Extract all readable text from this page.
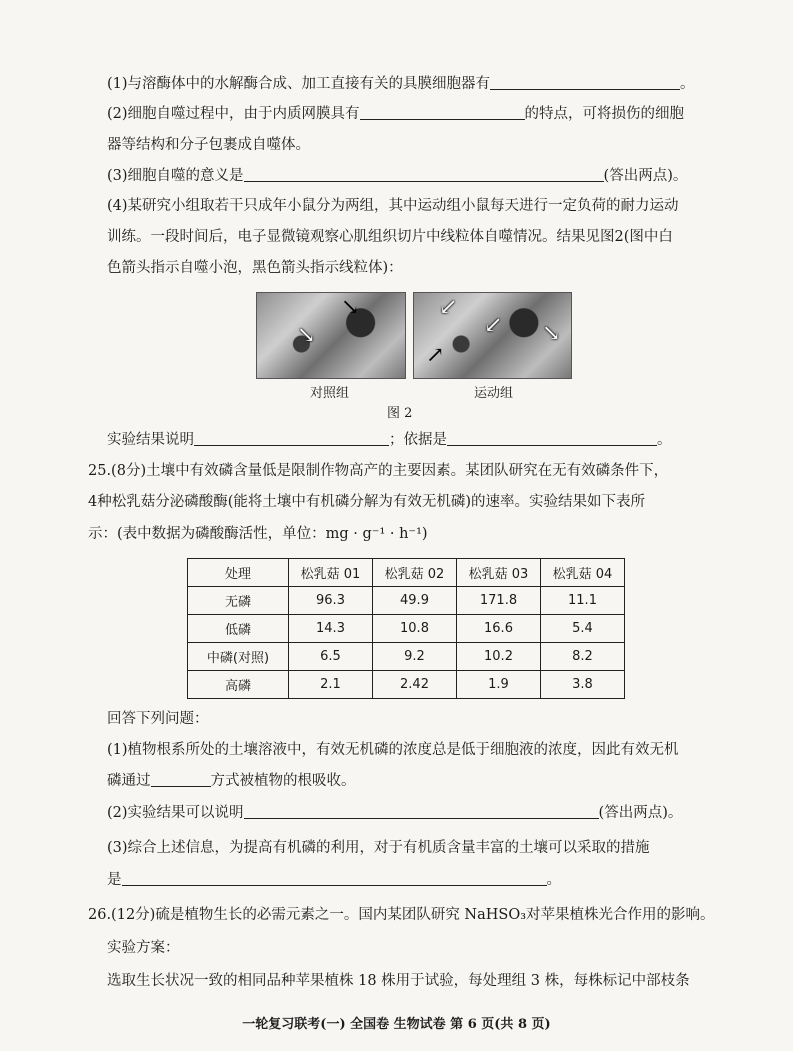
(1)与溶酶体中的水解酶合成、加工直接有关的具膜细胞器有	。
(2)细胞自噬过程中，由于内质网膜具有	的特点，可将损伤的细胞
器等结构和分子包裹成自噬体。
(3)细胞自噬的意义是	(答出两点)。
(4)某研究小组取若干只成年小鼠分为两组，其中运动组小鼠每天进行一定负荷的耐力运动
训练。一段时间后，电子显微镜观察心肌组织切片中线粒体自噬情况。结果见图2(图中白
色箭头指示自噬小泡，黑色箭头指示线粒体)：
↘
↘
↙
↙ ↘
↗
对照组	运动组
图 2
实验结果说明	；依据是	。
25.(8分)土壤中有效磷含量低是限制作物高产的主要因素。某团队研究在无有效磷条件下，
4种松乳菇分泌磷酸酶(能将土壤中有机磷分解为有效无机磷)的速率。实验结果如下表所
示：(表中数据为磷酸酶活性，单位：mg · g⁻¹ · h⁻¹)
处理	松乳菇 01	松乳菇 02	松乳菇 03	松乳菇 04
无磷	96.3	49.9	171.8	11.1
低磷	14.3	10.8	16.6	5.4
中磷(对照)	6.5	9.2	10.2	8.2
高磷	2.1	2.42	1.9	3.8
回答下列问题：
(1)植物根系所处的土壤溶液中，有效无机磷的浓度总是低于细胞液的浓度，因此有效无机
磷通过	方式被植物的根吸收。
(2)实验结果可以说明	(答出两点)。
(3)综合上述信息，为提高有机磷的利用，对于有机质含量丰富的土壤可以采取的措施
是	。
26.(12分)硫是植物生长的必需元素之一。国内某团队研究 NaHSO₃对苹果植株光合作用的影响。
实验方案：
选取生长状况一致的相同品种苹果植株 18 株用于试验，每处理组 3 株，每株标记中部枝条
一轮复习联考(一) 全国卷 生物试卷 第 6 页(共 8 页)
